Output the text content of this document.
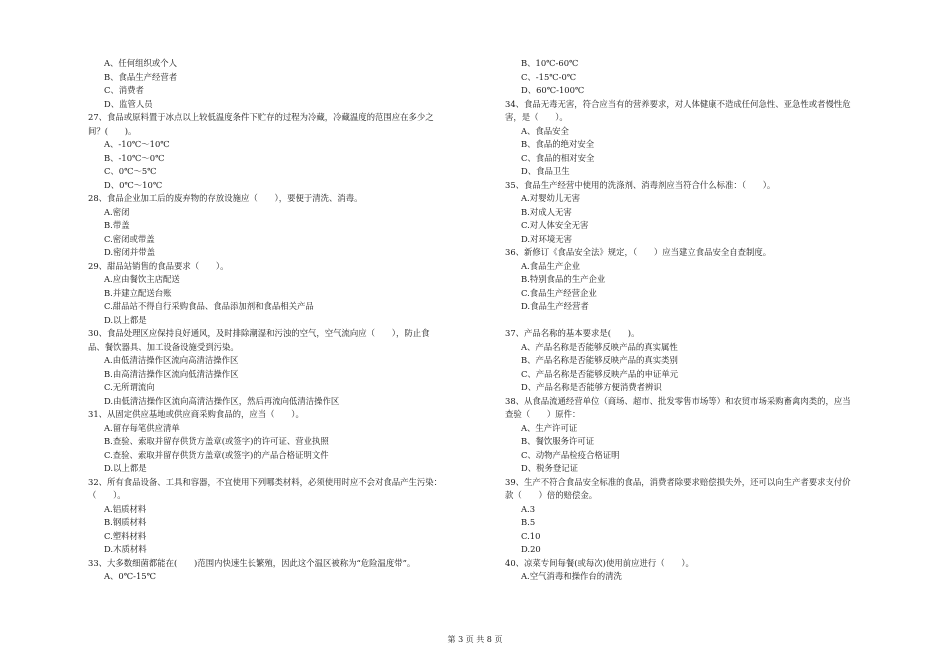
A、任何组织或个人
B、食品生产经营者
C、消费者
D、监管人员
27、食品或原料置于冰点以上较低温度条件下贮存的过程为冷藏，冷藏温度的范围应在多少之
间？(　　)。
A、-10℃～10℃
B、-10℃～0℃
C、0℃～5℃
D、0℃～10℃
28、食品企业加工后的废弃物的存放设施应（　　），要便于清洗、消毒。
A.密闭
B.带盖
C.密闭或带盖
D.密闭并带盖
29、甜品站销售的食品要求（　　）。
A.应由餐饮主店配送
B.并建立配送台账
C.甜品站不得自行采购食品、食品添加剂和食品相关产品
D.以上都是
30、食品处理区应保持良好通风，及时排除潮湿和污浊的空气，空气流向应（　　），防止食
品、餐饮器具、加工设备设施受到污染。
A.由低清洁操作区流向高清洁操作区
B.由高清洁操作区流向低清洁操作区
C.无所谓流向
D.由低清洁操作区流向高清洁操作区，然后再流向低清洁操作区
31、从固定供应基地或供应商采购食品的，应当（　　）。
A.留存每笔供应清单
B.查验、索取并留存供货方盖章(或签字)的许可证、营业执照
C.查验、索取并留存供货方盖章(或签字)的产品合格证明文件
D.以上都是
32、所有食品设备、工具和容器，不宜使用下列哪类材料，必须使用时应不会对食品产生污染：
（　　）。
A.铝质材料
B.钢质材料
C.塑料材料
D.木质材料
33、大多数细菌都能在(　　)范围内快速生长繁殖，因此这个温区被称为“危险温度带”。
A、0℃-15℃
B、10℃-60℃
C、-15℃-0℃
D、60℃-100℃
34、食品无毒无害，符合应当有的营养要求，对人体健康不造成任何急性、亚急性或者慢性危
害，是（　　）。
A、食品安全
B、食品的绝对安全
C、食品的相对安全
D、食品卫生
35、食品生产经营中使用的洗涤剂、消毒剂应当符合什么标准：（　　）。
A.对婴幼儿无害
B.对成人无害
C.对人体安全无害
D.对环境无害
36、新修订《食品安全法》规定，（　　）应当建立食品安全自查制度。
A.食品生产企业
B.特别食品的生产企业
C.食品生产经营企业
D.食品生产经营者
37、产品名称的基本要求是(　　)。
A、产品名称是否能够反映产品的真实属性
B、产品名称是否能够反映产品的真实类别
C、产品名称是否能够反映产品的申证单元
D、产品名称是否能够方便消费者辨识
38、从食品流通经营单位（商场、超市、批发零售市场等）和农贸市场采购畜禽肉类的，应当
查验（　　）原件：
A、生产许可证
B、餐饮服务许可证
C、动物产品检疫合格证明
D、税务登记证
39、生产不符合食品安全标准的食品，消费者除要求赔偿损失外，还可以向生产者要求支付价
款（　　）倍的赔偿金。
A.3
B.5
C.10
D.20
40、凉菜专间每餐(或每次)使用前应进行（　　）。
A.空气消毒和操作台的清洗
第 3 页 共 8 页
